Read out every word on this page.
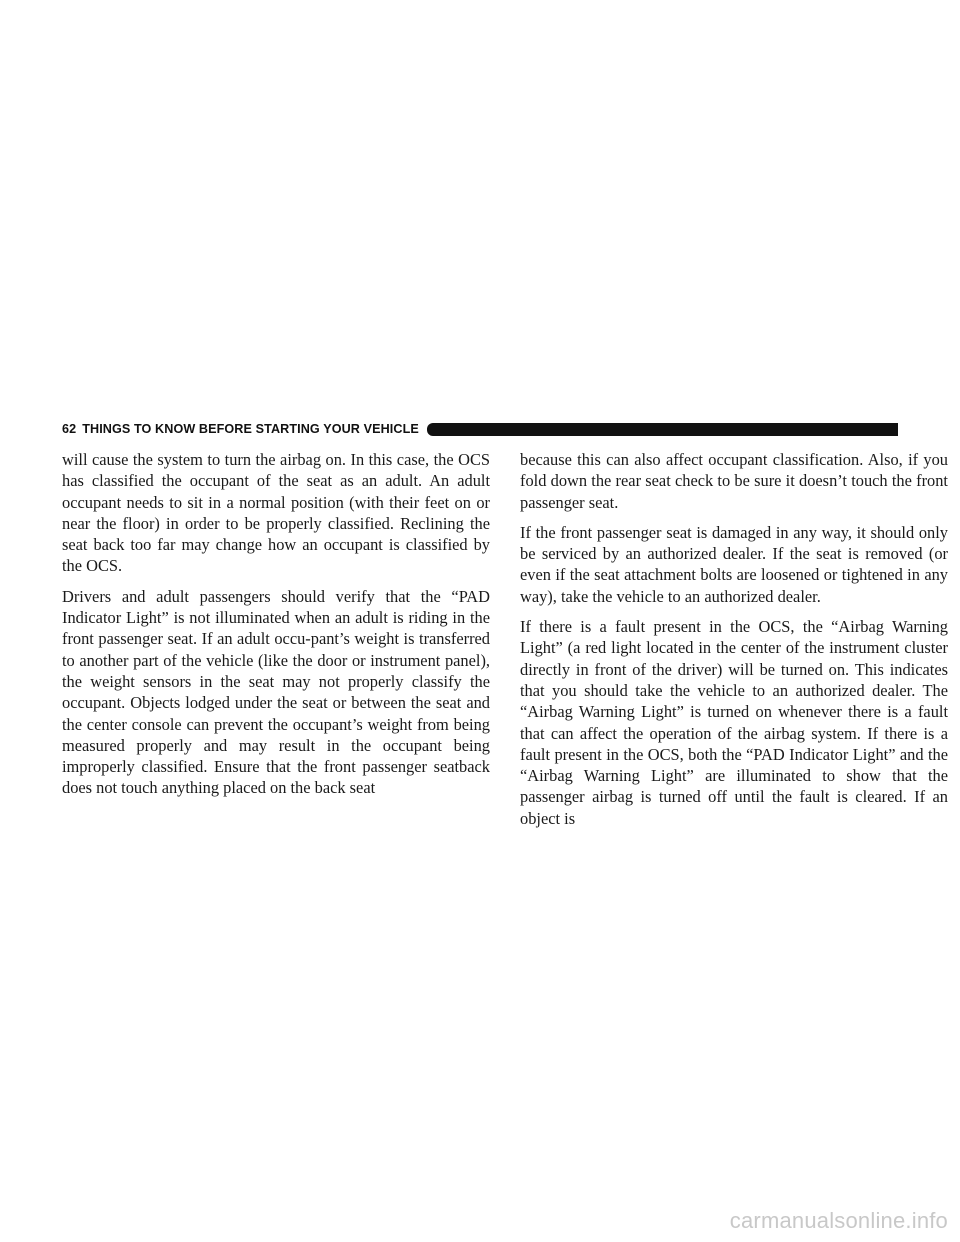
62 THINGS TO KNOW BEFORE STARTING YOUR VEHICLE

will cause the system to turn the airbag on. In this case, the OCS has classified the occupant of the seat as an adult. An adult occupant needs to sit in a normal position (with their feet on or near the floor) in order to be properly classified. Reclining the seat back too far may change how an occupant is classified by the OCS.

Drivers and adult passengers should verify that the “PAD Indicator Light” is not illuminated when an adult is riding in the front passenger seat. If an adult occu-pant’s weight is transferred to another part of the vehicle (like the door or instrument panel), the weight sensors in the seat may not properly classify the occupant. Objects lodged under the seat or between the seat and the center console can prevent the occupant’s weight from being measured properly and may result in the occupant being improperly classified. Ensure that the front passenger seatback does not touch anything placed on the back seat

because this can also affect occupant classification. Also, if you fold down the rear seat check to be sure it doesn’t touch the front passenger seat.

If the front passenger seat is damaged in any way, it should only be serviced by an authorized dealer. If the seat is removed (or even if the seat attachment bolts are loosened or tightened in any way), take the vehicle to an authorized dealer.

If there is a fault present in the OCS, the “Airbag Warning Light” (a red light located in the center of the instrument cluster directly in front of the driver) will be turned on. This indicates that you should take the vehicle to an authorized dealer. The “Airbag Warning Light” is turned on whenever there is a fault that can affect the operation of the airbag system. If there is a fault present in the OCS, both the “PAD Indicator Light” and the “Airbag Warning Light” are illuminated to show that the passenger airbag is turned off until the fault is cleared. If an object is

carmanualsonline.info
